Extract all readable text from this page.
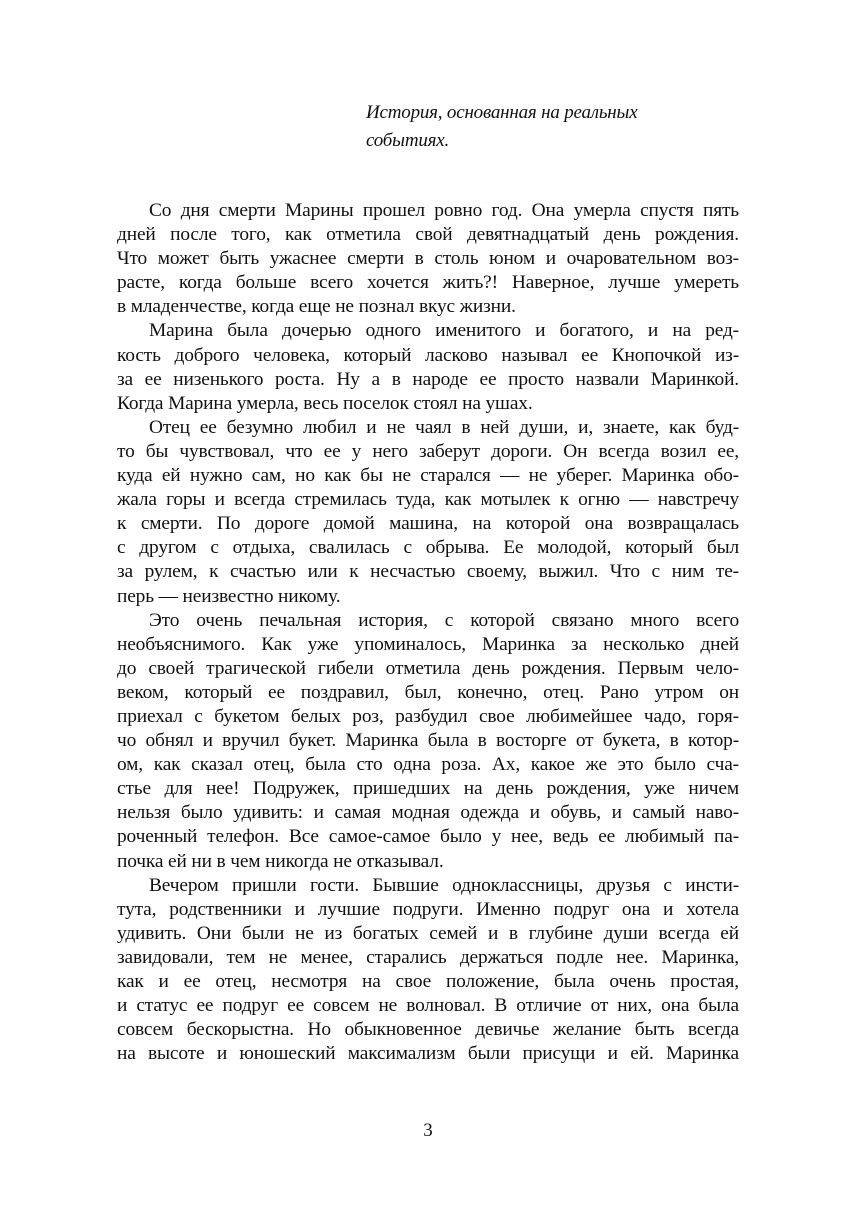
История, основанная на реальных
событиях.
Со дня смерти Марины прошел ровно год. Она умерла спустя пять
дней после того, как отметила свой девятнадцатый день рождения.
Что может быть ужаснее смерти в столь юном и очаровательном воз-
расте, когда больше всего хочется жить?! Наверное, лучше умереть
в младенчестве, когда еще не познал вкус жизни.
Марина была дочерью одного именитого и богатого, и на ред-
кость доброго человека, который ласково называл ее Кнопочкой из-
за ее низенького роста. Ну а в народе ее просто назвали Маринкой.
Когда Марина умерла, весь поселок стоял на ушах.
Отец ее безумно любил и не чаял в ней души, и, знаете, как буд-
то бы чувствовал, что ее у него заберут дороги. Он всегда возил ее,
куда ей нужно сам, но как бы не старался — не уберег. Маринка обо-
жала горы и всегда стремилась туда, как мотылек к огню — навстречу
к смерти. По дороге домой машина, на которой она возвращалась
с другом с отдыха, свалилась с обрыва. Ее молодой, который был
за рулем, к счастью или к несчастью своему, выжил. Что с ним те-
перь — неизвестно никому.
Это очень печальная история, с которой связано много всего
необъяснимого. Как уже упоминалось, Маринка за несколько дней
до своей трагической гибели отметила день рождения. Первым чело-
веком, который ее поздравил, был, конечно, отец. Рано утром он
приехал с букетом белых роз, разбудил свое любимейшее чадо, горя-
чо обнял и вручил букет. Маринка была в восторге от букета, в котор-
ом, как сказал отец, была сто одна роза. Ах, какое же это было сча-
стье для нее! Подружек, пришедших на день рождения, уже ничем
нельзя было удивить: и самая модная одежда и обувь, и самый наво-
роченный телефон. Все самое-самое было у нее, ведь ее любимый па-
почка ей ни в чем никогда не отказывал.
Вечером пришли гости. Бывшие одноклассницы, друзья с инсти-
тута, родственники и лучшие подруги. Именно подруг она и хотела
удивить. Они были не из богатых семей и в глубине души всегда ей
завидовали, тем не менее, старались держаться подле нее. Маринка,
как и ее отец, несмотря на свое положение, была очень простая,
и статус ее подруг ее совсем не волновал. В отличие от них, она была
совсем бескорыстна. Но обыкновенное девичье желание быть всегда
на высоте и юношеский максимализм были присущи и ей. Маринка
3
